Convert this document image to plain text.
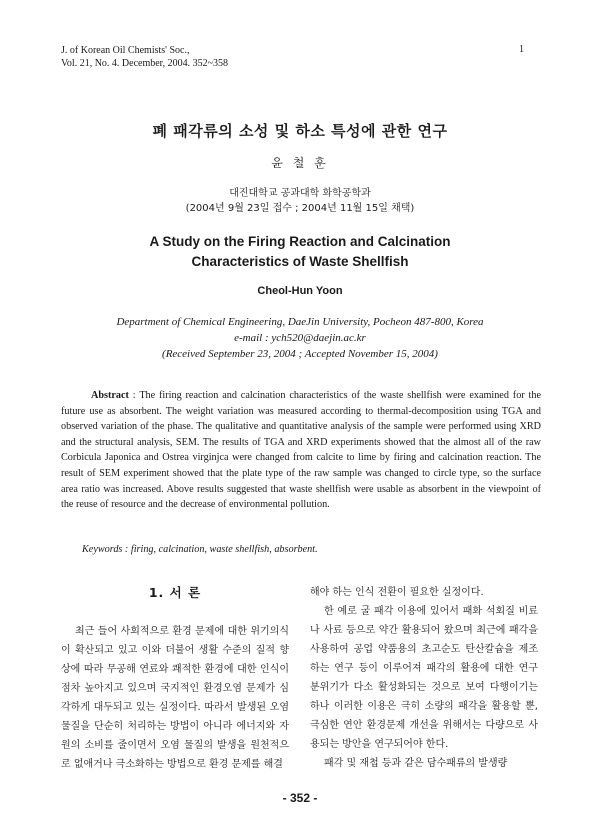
J. of Korean Oil Chemists' Soc.,
Vol. 21, No. 4. December, 2004. 352~358
1
폐 패각류의 소성 및 하소 특성에 관한 연구
윤 철 훈
대진대학교 공과대학 화학공학과
(2004년 9월 23일 접수 ; 2004년 11월 15일 채택)
A Study on the Firing Reaction and Calcination
Characteristics of Waste Shellfish
Cheol-Hun Yoon
Department of Chemical Engineering, DaeJin University, Pocheon 487-800, Korea
e-mail : ych520@daejin.ac.kr
(Received September 23, 2004 ; Accepted November 15, 2004)
Abstract : The firing reaction and calcination characteristics of the waste shellfish were examined for the future use as absorbent. The weight variation was measured according to thermal-decomposition using TGA and observed variation of the phase. The qualitative and quantitative analysis of the sample were performed using XRD and the structural analysis, SEM. The results of TGA and XRD experiments showed that the almost all of the raw Corbicula Japonica and Ostrea virginjca were changed from calcite to lime by firing and calcination reaction. The result of SEM experiment showed that the plate type of the raw sample was changed to circle type, so the surface area ratio was increased. Above results suggested that waste shellfish were usable as absorbent in the viewpoint of the reuse of resource and the decrease of environmental pollution.
Keywords : firing, calcination, waste shellfish, absorbent.
1. 서 론

최근 들어 사회적으로 환경 문제에 대한 위기의식이 확산되고 있고 이와 더불어 생활 수준의 질적 향상에 따라 무공해 연료와 쾌적한 환경에 대한 인식이 점차 높아지고 있으며 국지적인 환경오염 문제가 심각하게 대두되고 있는 실정이다. 따라서 발생된 오염 물질을 단순히 처리하는 방법이 아니라 에너지와 자원의 소비를 줄이면서 오염 물질의 발생을 원천적으로 없애거나 극소화하는 방법으로 환경 문제를 해결

해야 하는 인식 전환이 필요한 실정이다.

한 예로 굴 패각 이용에 있어서 패화 석회질 비료나 사료 등으로 약간 활용되어 왔으며 최근에 패각을 사용하여 공업 약품용의 초고순도 탄산칼슘을 제조하는 연구 등이 이루어져 패각의 활용에 대한 연구 분위기가 다소 활성화되는 것으로 보여 다행이기는 하나 이러한 이용은 극히 소량의 패각을 활용할 뿐, 극심한 연안 환경문제 개선을 위해서는 다량으로 사용되는 방안을 연구되어야 한다.

패각 및 재첩 등과 같은 담수패류의 발생량

- 352 -
